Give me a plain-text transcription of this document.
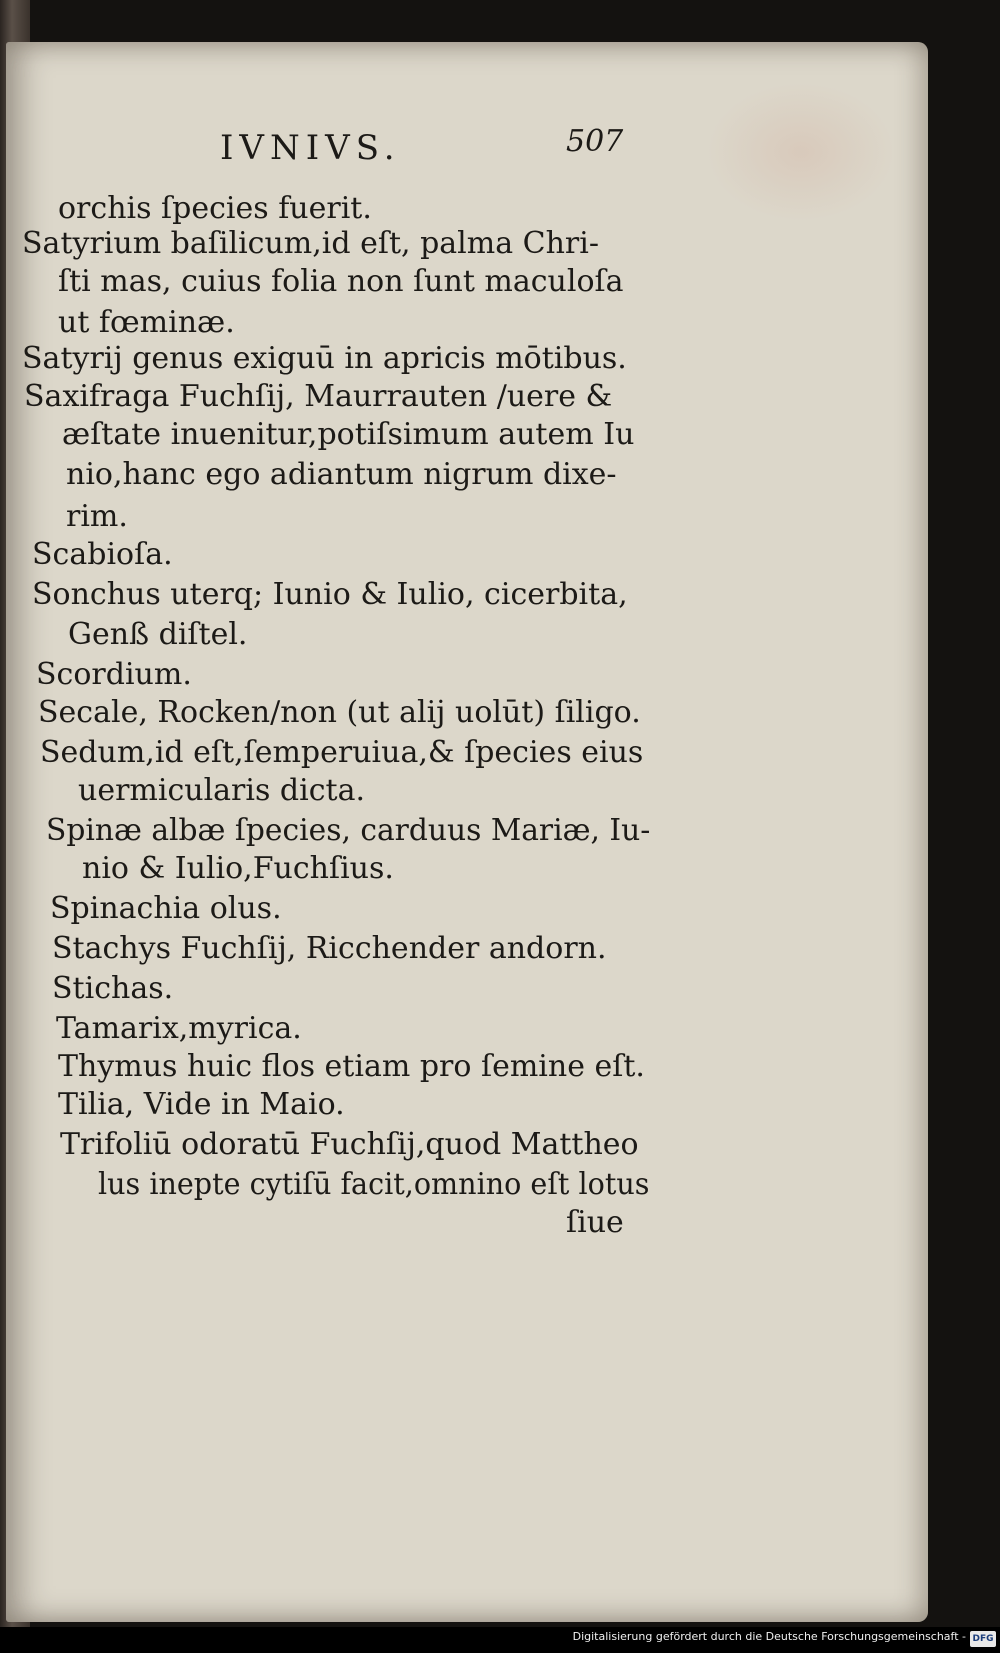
IVNIVS.	507
orchis ſpecies fuerit.
Satyrium baſilicum,id eſt, palma Chri-
ſti mas, cuius folia non ſunt maculoſa
ut fœminæ.
Satyrij genus exiguū in apricis mōtibus.
Saxifraga Fuchſij, Maurrauten /uere &
æſtate inuenitur,potiſsimum autem Iu
nio,hanc ego adiantum nigrum dixe-
rim.
Scabioſa.
Sonchus uterq; Iunio & Iulio, cicerbita,
Genß diſtel.
Scordium.
Secale, Rocken/non (ut alij uolūt) ſiligo.
Sedum,id eſt,ſemperuiua,& ſpecies eius
uermicularis dicta.
Spinæ albæ ſpecies, carduus Mariæ, Iu-
nio & Iulio,Fuchſius.
Spinachia olus.
Stachys Fuchſij, Ricchender andorn.
Stichas.
Tamarix,myrica.
Thymus huic flos etiam pro ſemine eſt.
Tilia, Vide in Maio.
Trifoliū odoratū Fuchſij,quod Mattheo
lus inepte cytiſū facit,omnino eſt lotus
ſiue
Digitalisierung gefördert durch die Deutsche Forschungsgemeinschaft - DFG
